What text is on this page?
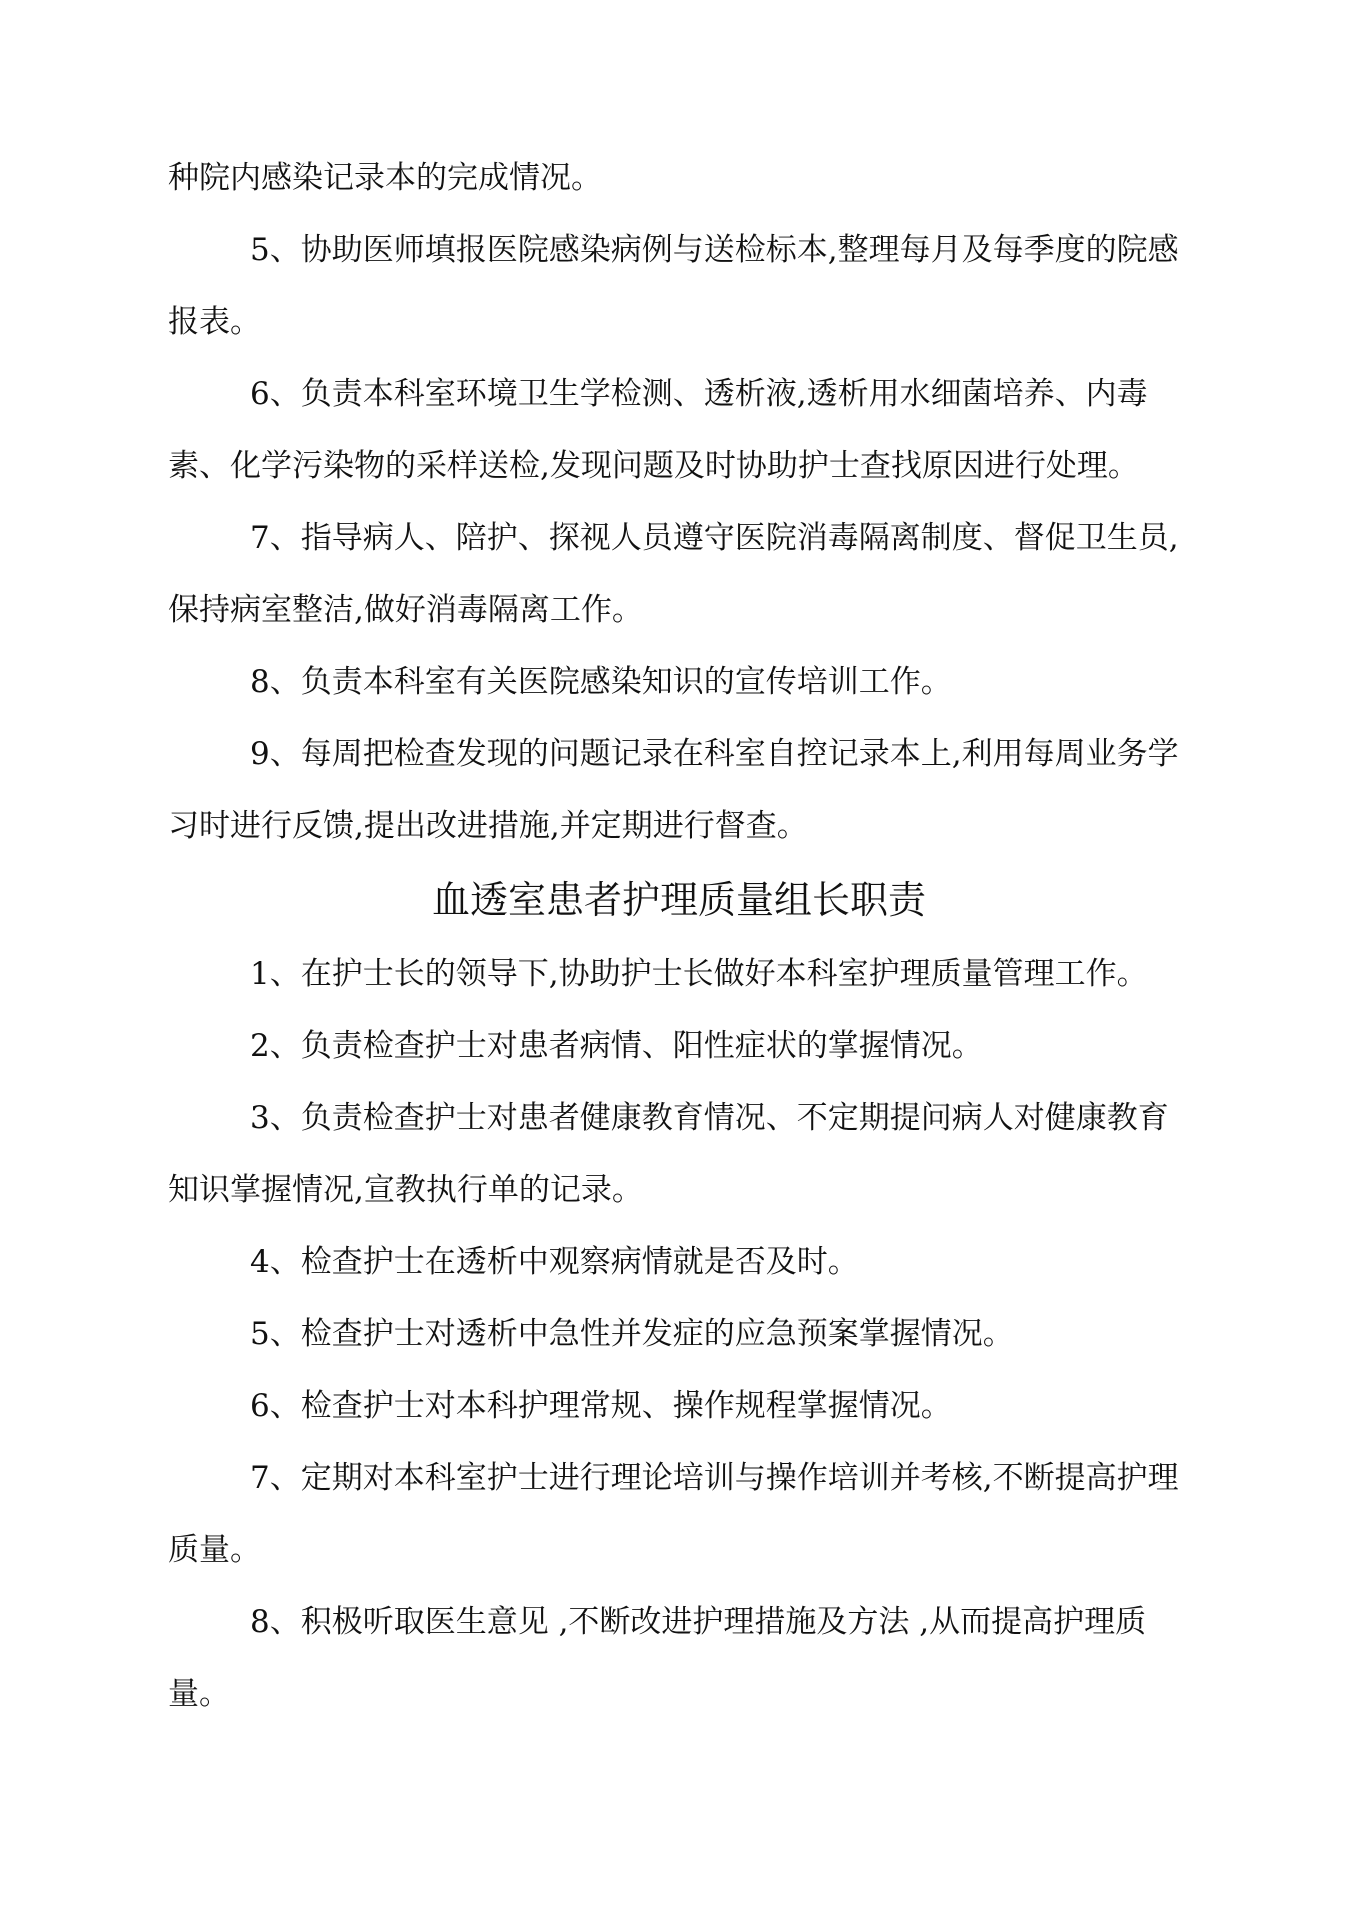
种院内感染记录本的完成情况。

5、协助医师填报医院感染病例与送检标本,整理每月及每季度的院感报表。

6、负责本科室环境卫生学检测、透析液,透析用水细菌培养、内毒素、化学污染物的采样送检,发现问题及时协助护士查找原因进行处理。

7、指导病人、陪护、探视人员遵守医院消毒隔离制度、督促卫生员,保持病室整洁,做好消毒隔离工作。

8、负责本科室有关医院感染知识的宣传培训工作。

9、每周把检查发现的问题记录在科室自控记录本上,利用每周业务学习时进行反馈,提出改进措施,并定期进行督查。

血透室患者护理质量组长职责

1、在护士长的领导下,协助护士长做好本科室护理质量管理工作。

2、负责检查护士对患者病情、阳性症状的掌握情况。

3、负责检查护士对患者健康教育情况、不定期提问病人对健康教育知识掌握情况,宣教执行单的记录。

4、检查护士在透析中观察病情就是否及时。

5、检查护士对透析中急性并发症的应急预案掌握情况。

6、检查护士对本科护理常规、操作规程掌握情况。

7、定期对本科室护士进行理论培训与操作培训并考核,不断提高护理质量。

8、积极听取医生意见 ,不断改进护理措施及方法 ,从而提高护理质量。
